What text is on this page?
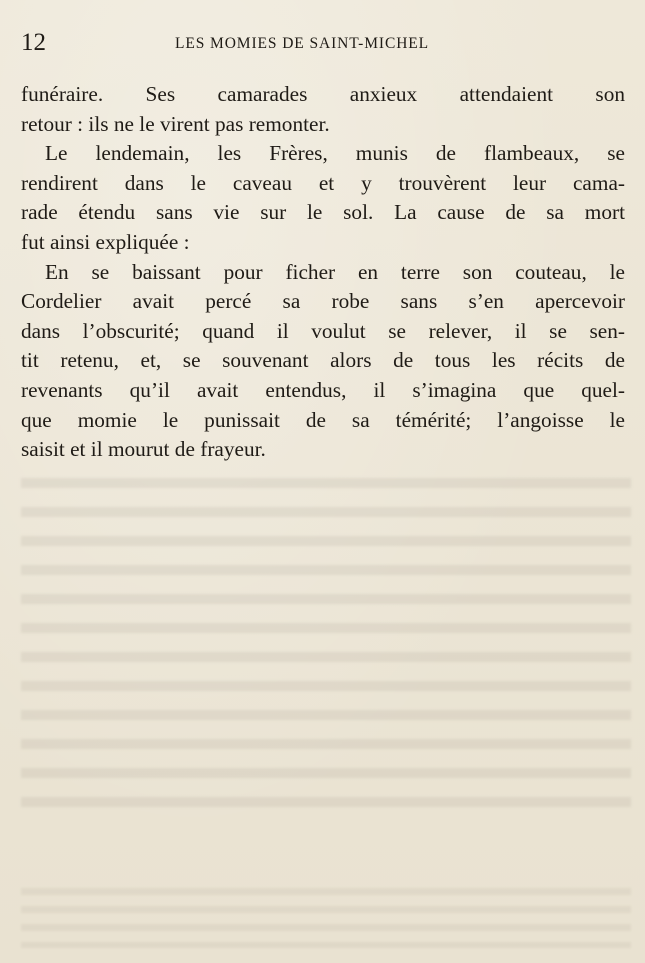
12	LES MOMIES DE SAINT-MICHEL
funéraire. Ses camarades anxieux attendaient son
retour : ils ne le virent pas remonter.
Le lendemain, les Frères, munis de flambeaux, se
rendirent dans le caveau et y trouvèrent leur cama-
rade étendu sans vie sur le sol. La cause de sa mort
fut ainsi expliquée :
En se baissant pour ficher en terre son couteau, le
Cordelier avait percé sa robe sans s’en apercevoir
dans l’obscurité; quand il voulut se relever, il se sen-
tit retenu, et, se souvenant alors de tous les récits de
revenants qu’il avait entendus, il s’imagina que quel-
que momie le punissait de sa témérité; l’angoisse le
saisit et il mourut de frayeur.
